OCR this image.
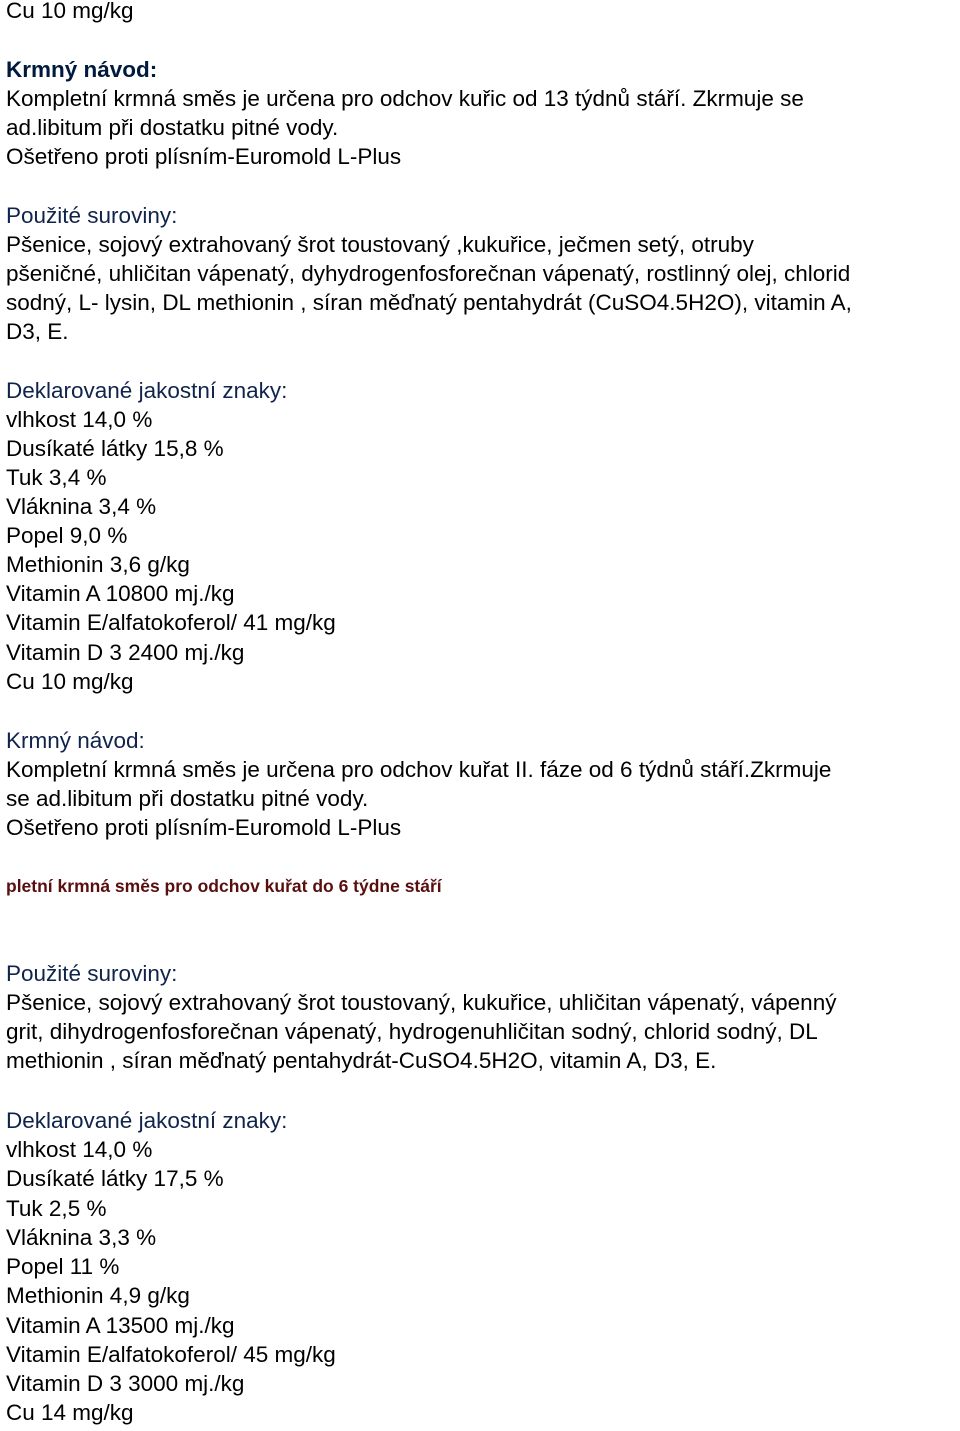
Cu 10 mg/kg

Krmný návod:

Kompletní krmná směs je určena pro odchov kuřic od 13 týdnů stáří. Zkrmuje se

ad.libitum při dostatku pitné vody.

Ošetřeno proti plísním-Euromold L-Plus

Použité suroviny:

Pšenice, sojový extrahovaný šrot toustovaný ,kukuřice, ječmen setý, otruby

pšeničné, uhličitan vápenatý, dyhydrogenfosforečnan vápenatý, rostlinný olej, chlorid

sodný, L- lysin, DL methionin , síran měďnatý pentahydrát (CuSO4.5H2O), vitamin A,

D3, E.

Deklarované jakostní znaky:

vlhkost 14,0 %

Dusíkaté látky 15,8 %

Tuk 3,4 %

Vláknina 3,4 %

Popel 9,0 %

Methionin 3,6 g/kg

Vitamin A 10800 mj./kg

Vitamin E/alfatokoferol/ 41 mg/kg

Vitamin D 3 2400 mj./kg

Cu 10 mg/kg

Krmný návod:

Kompletní krmná směs je určena pro odchov kuřat II. fáze od 6 týdnů stáří.Zkrmuje

se ad.libitum při dostatku pitné vody.

Ošetřeno proti plísním-Euromold L-Plus

pletní krmná směs pro odchov kuřat do 6 týdne stáří

Použité suroviny:

Pšenice, sojový extrahovaný šrot toustovaný, kukuřice, uhličitan vápenatý, vápenný

grit, dihydrogenfosforečnan vápenatý, hydrogenuhličitan sodný, chlorid sodný, DL

methionin , síran měďnatý pentahydrát-CuSO4.5H2O, vitamin A, D3, E.

Deklarované jakostní znaky:

vlhkost 14,0 %

Dusíkaté látky 17,5 %

Tuk 2,5 %

Vláknina 3,3 %

Popel 11 %

Methionin 4,9 g/kg

Vitamin A 13500 mj./kg

Vitamin E/alfatokoferol/ 45 mg/kg

Vitamin D 3 3000 mj./kg

Cu 14 mg/kg
